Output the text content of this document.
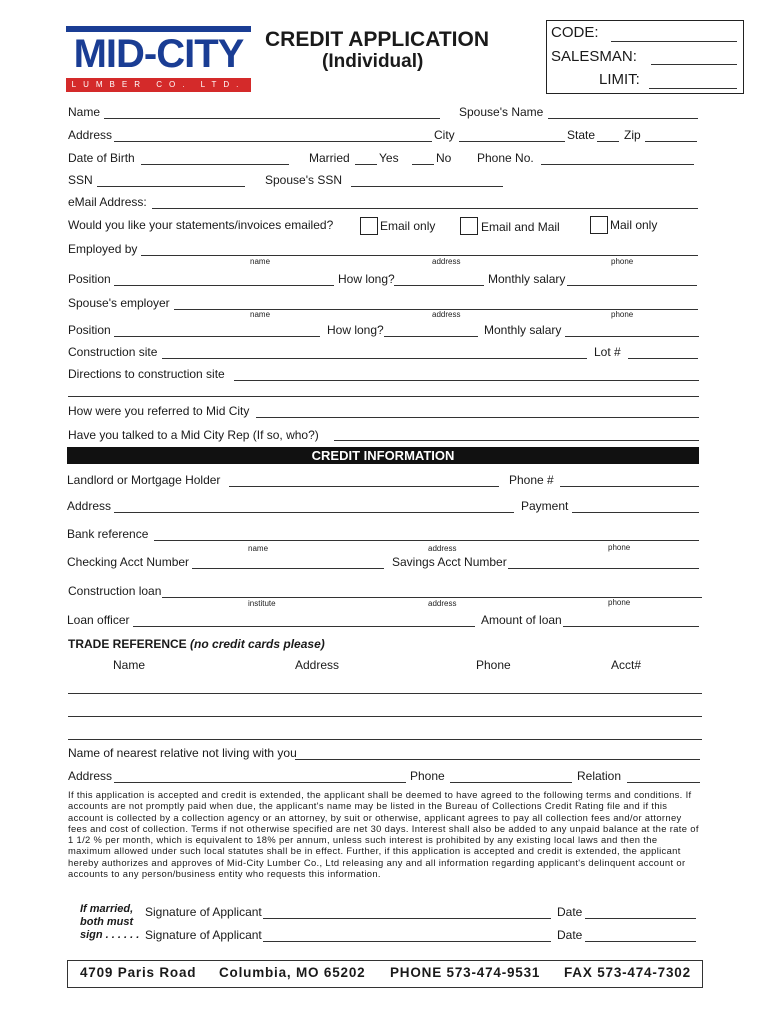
MID-CITY
LUMBER CO. LTD.
CREDIT APPLICATION
(Individual)
CODE:
SALESMAN:
LIMIT:
Name	Spouse's Name
Address	City	State Zip
Date of Birth	Married Yes	No Phone No.
SSN	Spouse's SSN
eMail Address:
Would you like your statements/invoices emailed?	Email only	Email and Mail	Mail only
Employed by
name	address	phone
Position	How long?	Monthly salary
Spouse's employer
name	address	phone
Position	How long?	Monthly salary
Construction site	Lot #
Directions to construction site
How were you referred to Mid City
Have you talked to a Mid City Rep (If so, who?)
CREDIT INFORMATION
Landlord or Mortgage Holder	Phone #
Address	Payment
Bank reference
name	address	phone
Checking Acct Number	Savings Acct Number
Construction loan
institute	address	phone
Loan officer	Amount of loan
TRADE REFERENCE (no credit cards please)
Name	Address	Phone	Acct#
Name of nearest relative not living with you
Address	Phone	Relation
If this application is accepted and credit is extended, the applicant shall be deemed to have agreed to the following terms and conditions. If accounts are not promptly paid when due, the applicant's name may be listed in the Bureau of Collections Credit Rating file and if this account is collected by a collection agency or an attorney, by suit or otherwise, applicant agrees to pay all collection fees and/or attorney fees and cost of collection. Terms if not otherwise specified are net 30 days. Interest shall also be added to any unpaid balance at the rate of 1 1/2 % per month, which is equivalent to 18% per annum, unless such interest is prohibited by any existing local laws and then the maximum allowed under such local statutes shall be in effect. Further, if this application is accepted and credit is extended, the applicant hereby authorizes and approves of Mid-City Lumber Co., Ltd releasing any and all information regarding applicant's delinquent account or accounts to any person/business entity who requests this information.
If married,
both must
sign . . . . . .
Signature of Applicant	Date
Signature of Applicant	Date
4709 Paris Road Columbia, MO 65202 PHONE 573-474-9531 FAX 573-474-7302
